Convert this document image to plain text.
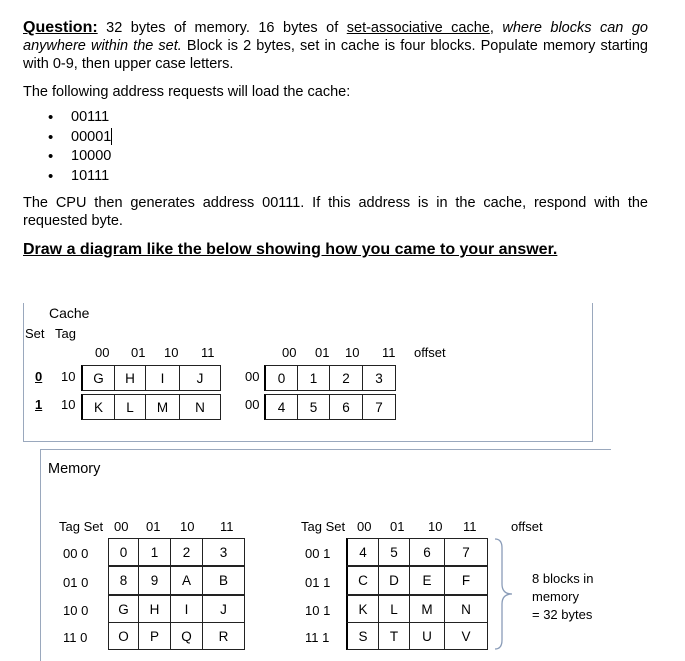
Question: 32 bytes of memory. 16 bytes of set-associative cache, where blocks can go anywhere within the set. Block is 2 bytes, set in cache is four blocks. Populate memory starting with 0-9, then upper case letters.
The following address requests will load the cache:
• 00111
• 00001
• 10000
• 10111
The CPU then generates address 00111. If this address is in the cache, respond with the requested byte.
Draw a diagram like the below showing how you came to your answer.
Cache
Set Tag
00 01 10 11	00 01 10 11 offset
0 10	G	H	I	J	00	0	1	2	3
1 10	K	L	M	N	00	4	5	6	7
Memory
Tag Set 00 01 10 11	Tag Set 00 01 10 11	offset
00 0	0	1	2	3
01 0	8	9	A	B
10 0	G	H	I	J
11 0	O	P	Q	R
00 1	4	5	6	7
01 1	C	D	E	F
10 1	K	L	M	N
11 1	S	T	U	V
8 blocks in
memory
= 32 bytes
